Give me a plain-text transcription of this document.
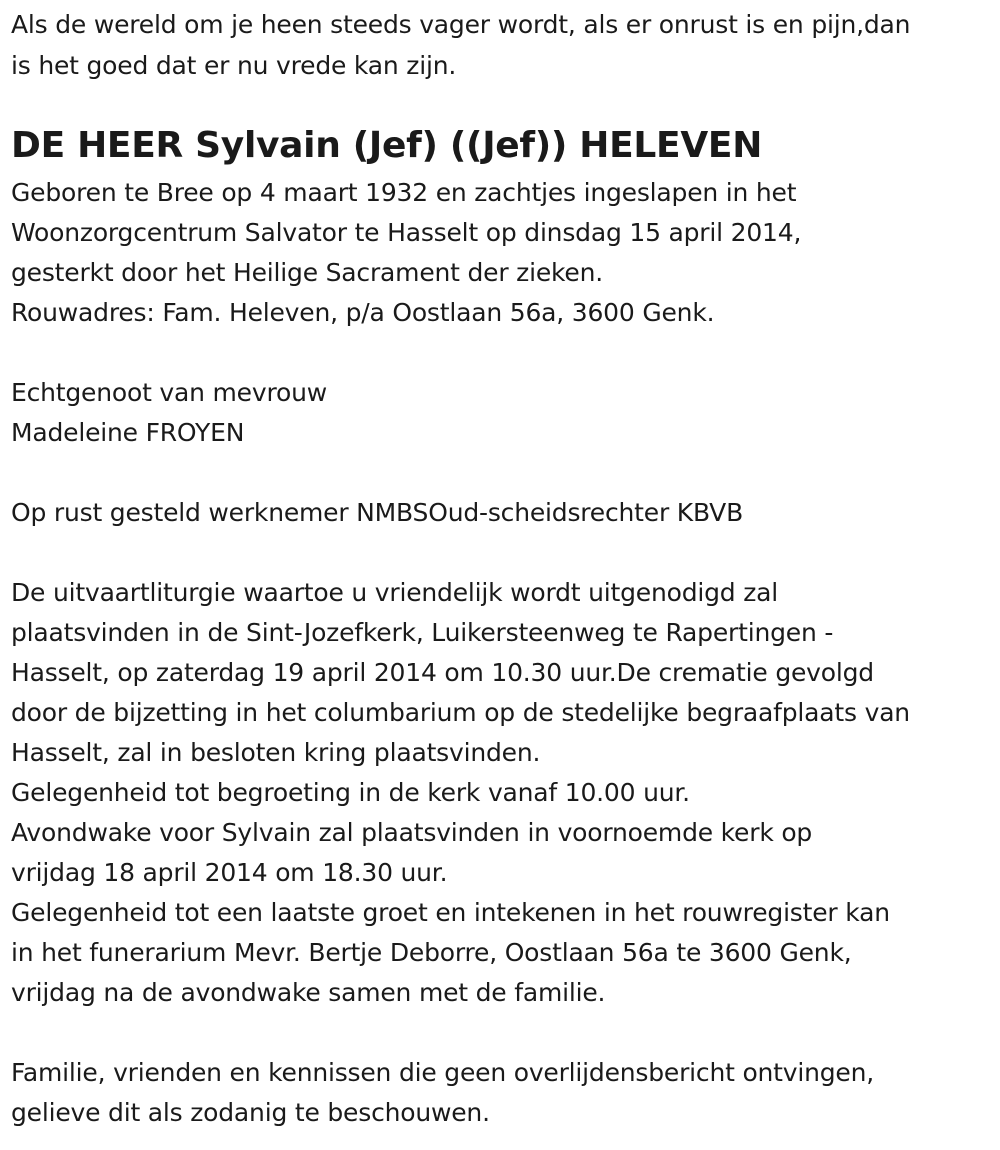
Als de wereld om je heen steeds vager wordt, als er onrust is en pijn,dan
is het goed dat er nu vrede kan zijn.
DE HEER Sylvain (Jef) ((Jef)) HELEVEN
Geboren te Bree op 4 maart 1932 en zachtjes ingeslapen in het
Woonzorgcentrum Salvator te Hasselt op dinsdag 15 april 2014,
gesterkt door het Heilige Sacrament der zieken.
Rouwadres: Fam. Heleven, p/a Oostlaan 56a, 3600 Genk.
Echtgenoot van mevrouw
Madeleine FROYEN
Op rust gesteld werknemer NMBSOud-scheidsrechter KBVB
De uitvaartliturgie waartoe u vriendelijk wordt uitgenodigd zal
plaatsvinden in de Sint-Jozefkerk, Luikersteenweg te Rapertingen -
Hasselt, op zaterdag 19 april 2014 om 10.30 uur.De crematie gevolgd
door de bijzetting in het columbarium op de stedelijke begraafplaats van
Hasselt, zal in besloten kring plaatsvinden.
Gelegenheid tot begroeting in de kerk vanaf 10.00 uur.
Avondwake voor Sylvain zal plaatsvinden in voornoemde kerk op
vrijdag 18 april 2014 om 18.30 uur.
Gelegenheid tot een laatste groet en intekenen in het rouwregister kan
in het funerarium Mevr. Bertje Deborre, Oostlaan 56a te 3600 Genk,
vrijdag na de avondwake samen met de familie.
Familie, vrienden en kennissen die geen overlijdensbericht ontvingen,
gelieve dit als zodanig te beschouwen.
